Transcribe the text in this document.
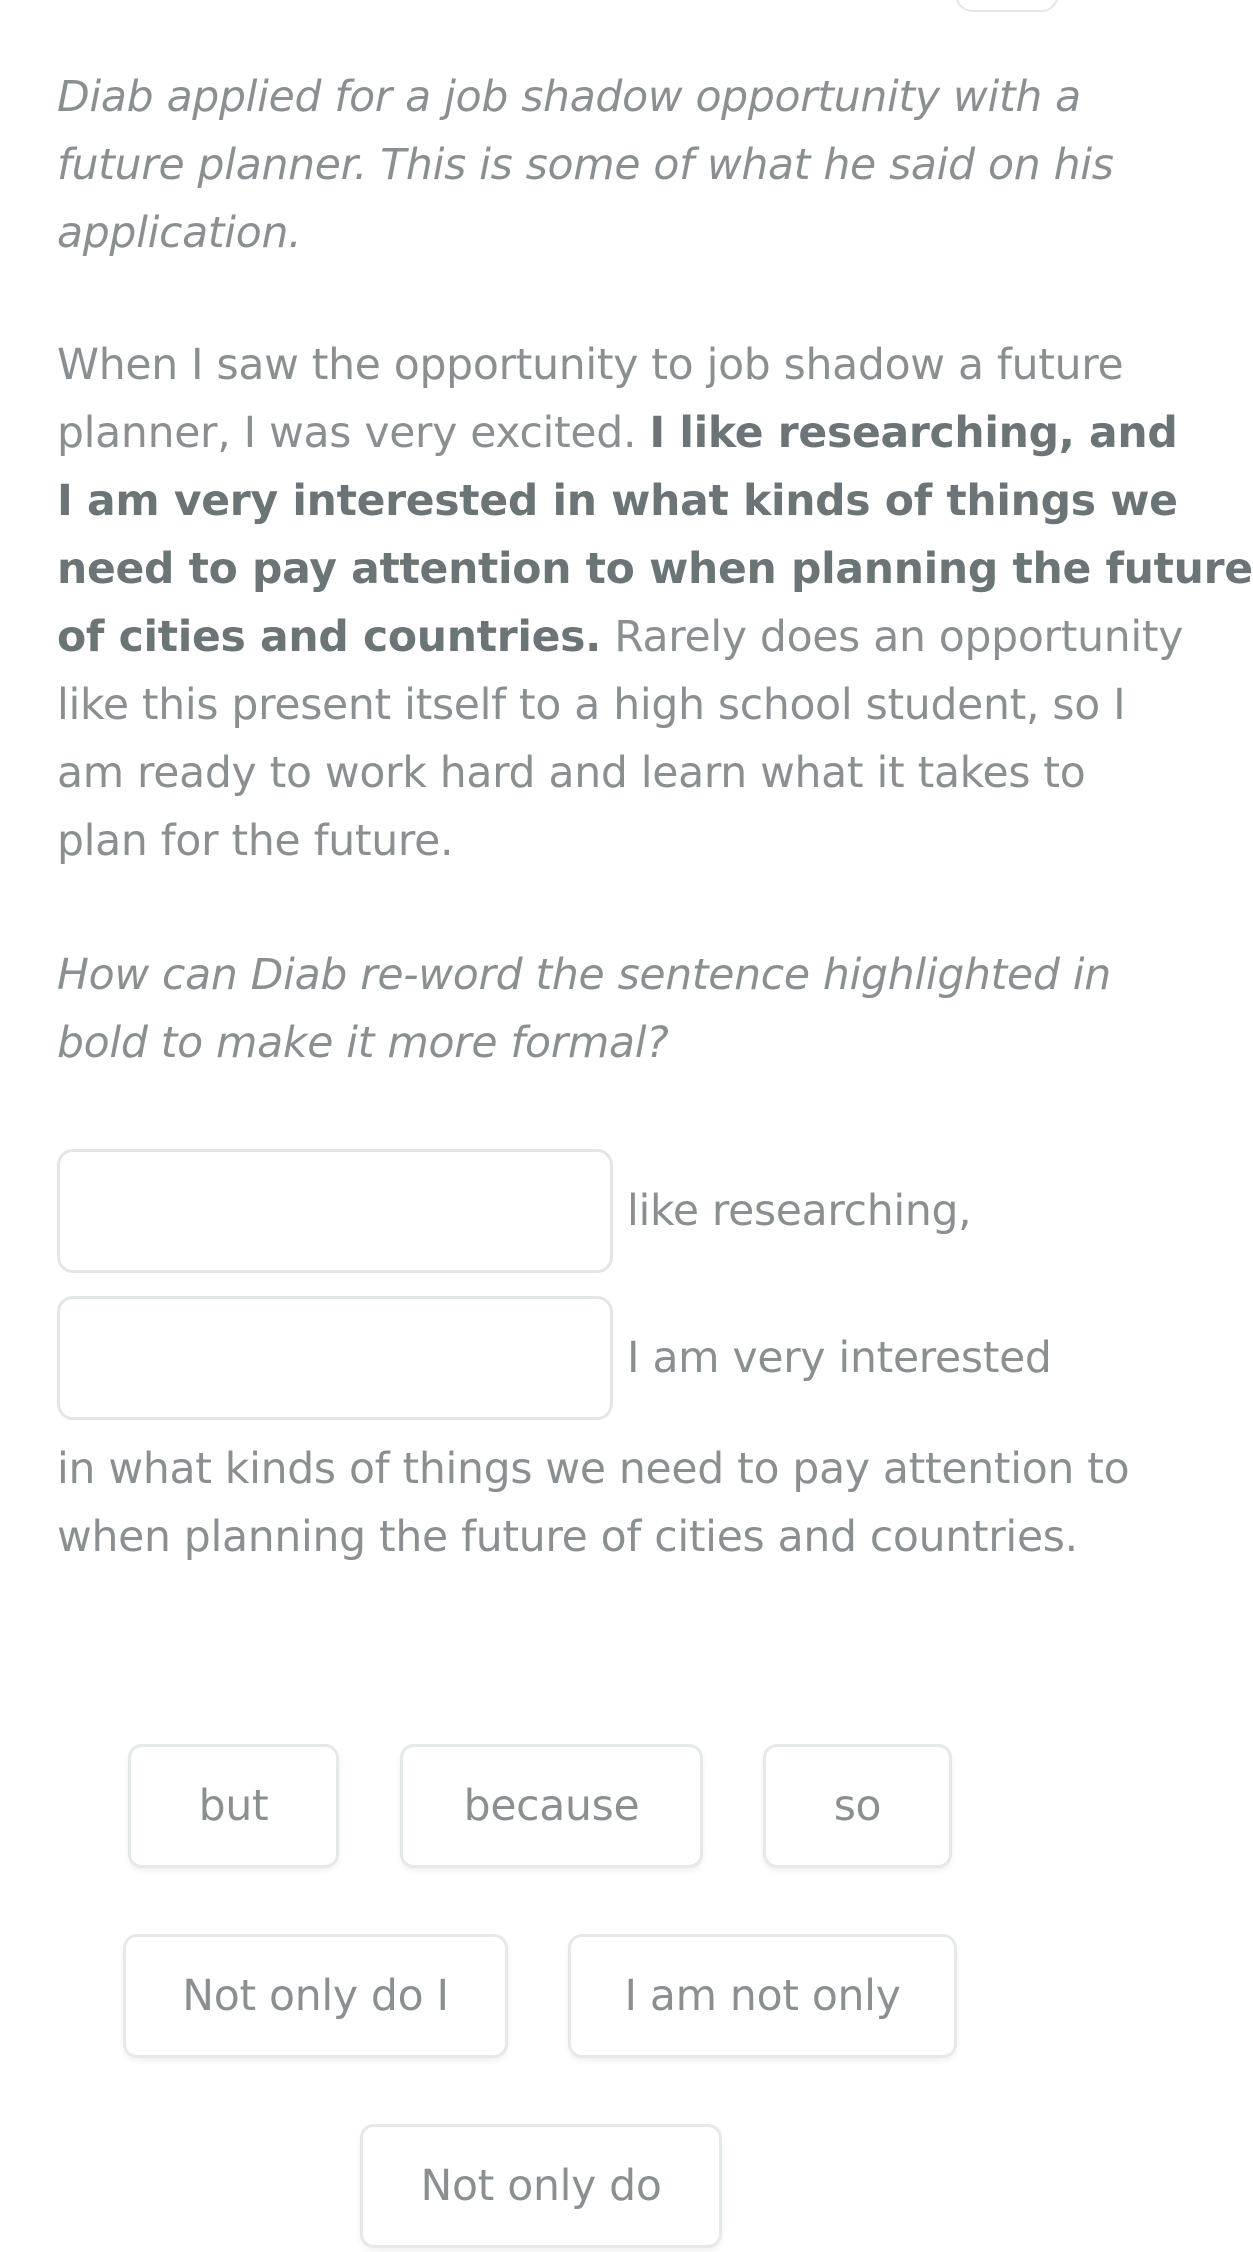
Diab applied for a job shadow opportunity with a
future planner. This is some of what he said on his
application.

When I saw the opportunity to job shadow a future
planner, I was very excited. I like researching, and
I am very interested in what kinds of things we
need to pay attention to when planning the future
of cities and countries. Rarely does an opportunity
like this present itself to a high school student, so I
am ready to work hard and learn what it takes to
plan for the future.

How can Diab re-word the sentence highlighted in
bold to make it more formal?

like researching,
I am very interested

in what kinds of things we need to pay attention to
when planning the future of cities and countries.

but	because	so
Not only do I	I am not only
Not only do
